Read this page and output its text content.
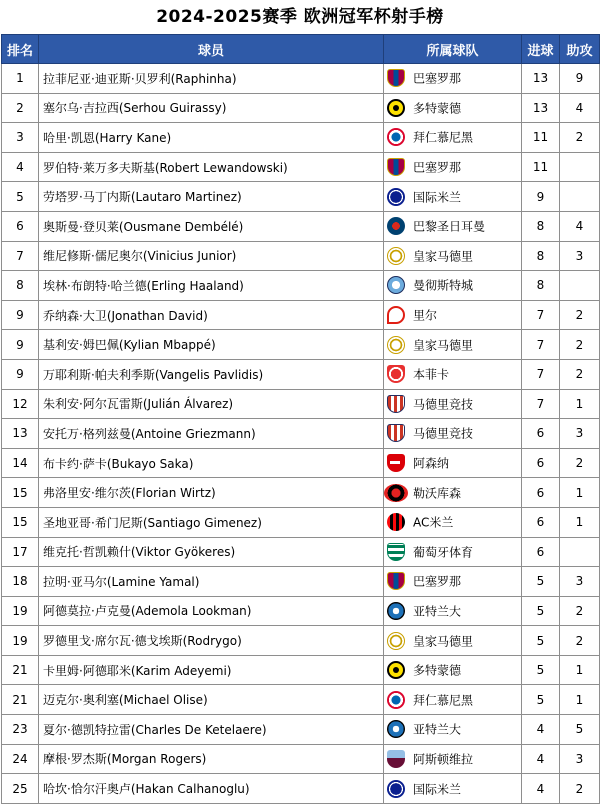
2024-2025赛季 欧洲冠军杯射手榜
排名	球员	所属球队	进球	助攻
1	拉菲尼亚·迪亚斯·贝罗利(Raphinha)	巴塞罗那	13	9
2	塞尔乌·吉拉西(Serhou Guirassy)	多特蒙德	13	4
3	哈里·凯恩(Harry Kane)	拜仁慕尼黑	11	2
4	罗伯特·莱万多夫斯基(Robert Lewandowski)	巴塞罗那	11	
5	劳塔罗·马丁内斯(Lautaro Martinez)	国际米兰	9	
6	奥斯曼·登贝莱(Ousmane Dembélé)	巴黎圣日耳曼	8	4
7	维尼修斯·儒尼奥尔(Vinicius Junior)	皇家马德里	8	3
8	埃林·布朗特·哈兰德(Erling Haaland)	曼彻斯特城	8	
9	乔纳森·大卫(Jonathan David)	里尔	7	2
9	基利安·姆巴佩(Kylian Mbappé)	皇家马德里	7	2
9	万耶利斯·帕夫利季斯(Vangelis Pavlidis)	本菲卡	7	2
12	朱利安·阿尔瓦雷斯(Julián Álvarez)	马德里竞技	7	1
13	安托万·格列兹曼(Antoine Griezmann)	马德里竞技	6	3
14	布卡约·萨卡(Bukayo Saka)	阿森纳	6	2
15	弗洛里安·维尔茨(Florian Wirtz)	勒沃库森	6	1
15	圣地亚哥·希门尼斯(Santiago Gimenez)	AC米兰	6	1
17	维克托·哲凯赖什(Viktor Gyökeres)	葡萄牙体育	6	
18	拉明·亚马尔(Lamine Yamal)	巴塞罗那	5	3
19	阿德莫拉·卢克曼(Ademola Lookman)	亚特兰大	5	2
19	罗德里戈·席尔瓦·德戈埃斯(Rodrygo)	皇家马德里	5	2
21	卡里姆·阿德耶米(Karim Adeyemi)	多特蒙德	5	1
21	迈克尔·奥利塞(Michael Olise)	拜仁慕尼黑	5	1
23	夏尔·德凯特拉雷(Charles De Ketelaere)	亚特兰大	4	5
24	摩根·罗杰斯(Morgan Rogers)	阿斯顿维拉	4	3
25	哈坎·恰尔汗奥卢(Hakan Calhanoglu)	国际米兰	4	2
